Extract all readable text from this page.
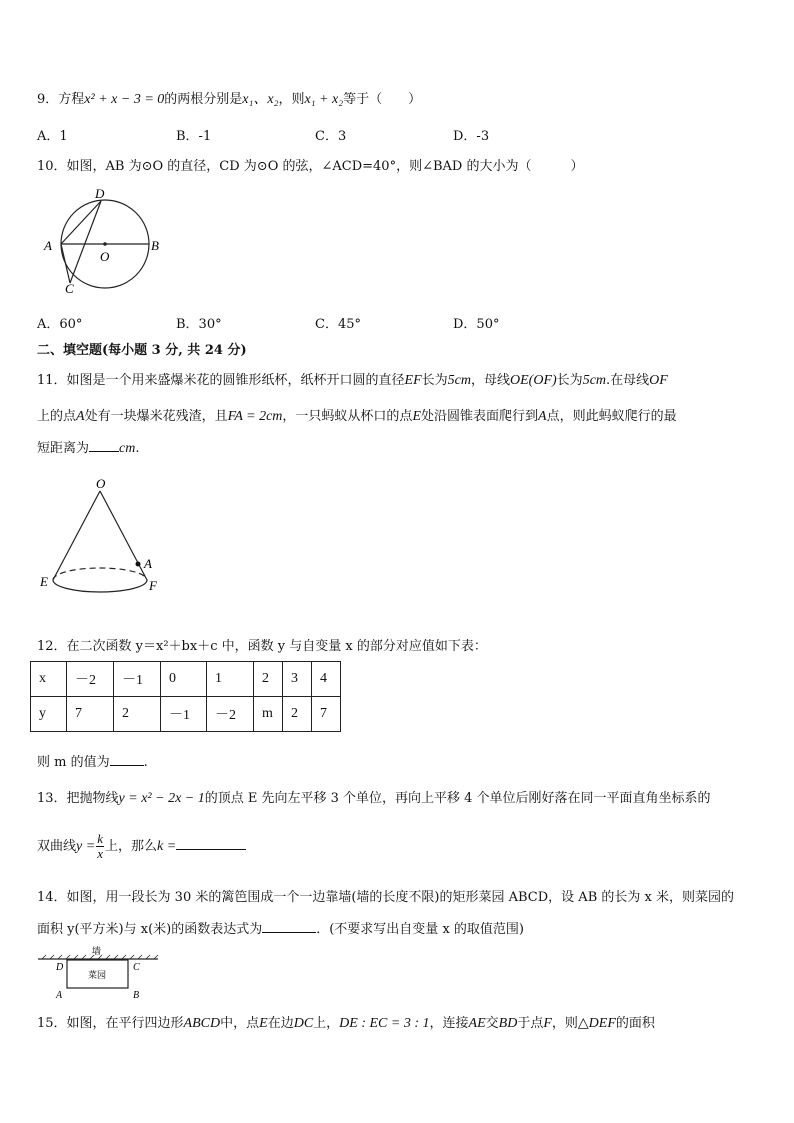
9．方程x² + x − 3 = 0的两根分别是x₁、x₂，则x₁ + x₂等于（　　）
A．1	B．-1	C．3	D．-3
10．如图，AB 为⊙O 的直径，CD 为⊙O 的弦，∠ACD=40°，则∠BAD 的大小为（　　　）
D
A
O
B
C
A．60°	B．30°	C．45°	D．50°
二、填空题(每小题 3 分, 共 24 分)
11．如图是一个用来盛爆米花的圆锥形纸杯，纸杯开口圆的直径EF长为5cm，母线OE(OF)长为5cm.在母线OF
上的点A处有一块爆米花残渣，且FA = 2cm，一只蚂蚁从杯口的点E处沿圆锥表面爬行到A点，则此蚂蚁爬行的最
短距离为 cm.
O
A
E	F
12．在二次函数 y＝x²＋bx＋c 中，函数 y 与自变量 x 的部分对应值如下表：
x	－2	－1	0	1	2	3	4
y	7	2	－1	－2	m	2	7
则 m 的值为	.
13．把抛物线y = x² − 2x − 1的顶点 E 先向左平移 3 个单位，再向上平移 4 个单位后刚好落在同一平面直角坐标系的
双曲线$y = \frac{k}{x}$ 上，那么k =
14．如图，用一段长为 30 米的篱笆围成一个一边靠墙(墙的长度不限)的矩形菜园 ABCD，设 AB 的长为 x 米，则菜园的
面积 y(平方米)与 x(米)的函数表达式为	．(不要求写出自变量 x 的取值范围)
墙
菜园
D	C
A	B
15．如图，在平行四边形ABCD中，点E在边DC上，DE : EC = 3 : 1，连接AE交BD于点F，则△DEF的面积
